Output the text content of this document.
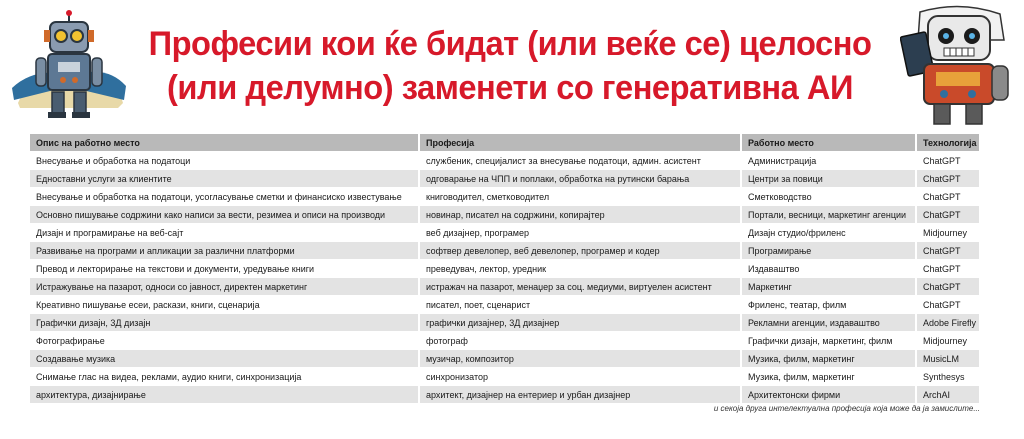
Професии кои ќе бидат (или веќе се) целосно
(или делумно) заменети со генеративна АИ
Опис на работно место	Професија	Работно место	Технологија
Внесување и обработка на податоци	службеник, специјалист за внесување податоци, админ. асистент	Администрација	ChatGPT
Едноставни услуги за клиентите	одговарање на ЧПП и поплаки, обработка на рутински барања	Центри за повици	ChatGPT
Внесување и обработка на податоци, усогласување сметки и финансиско известување	книговодител, сметководител	Сметководство	ChatGPT
Основно пишување содржини како написи за вести, резимеа и описи на производи	новинар, писател на содржини, копирајтер	Портали, весници, маркетинг агенции	ChatGPT
Дизајн и програмирање на веб-сајт	веб дизајнер, програмер	Дизајн студио/фриленс	Midjourney
Развивање на програми и апликации за различни платформи	софтвер девелопер, веб девелопер, програмер и кодер	Програмирање	ChatGPT
Превод и лекторирање на текстови и документи, уредување книги	преведувач, лектор, уредник	Издаваштво	ChatGPT
Истражување на пазарот, односи со јавност, директен маркетинг	истражач на пазарот, менаџер за соц. медиуми, виртуелен асистент	Маркетинг	ChatGPT
Креативно пишување есеи, раскази, книги, сценарија	писател, поет, сценарист	Фриленс, театар, филм	ChatGPT
Графички дизајн, 3Д дизајн	графички дизајнер, 3Д дизајнер	Рекламни агенции, издаваштво	Adobe Firefly
Фотографирање	фотограф	Графички дизајн, маркетинг, филм	Midjourney
Создавање музика	музичар, композитор	Музика, филм, маркетинг	MusicLM
Снимање глас на видеа, реклами, аудио книги, синхронизација	синхронизатор	Музика, филм, маркетинг	Synthesys
архитектура, дизајнирање	архитект, дизајнер на ентериер и урбан дизајнер	Архитектонски фирми	ArchAI
и секоја друга интелектуална професија која може да ја замислите...
